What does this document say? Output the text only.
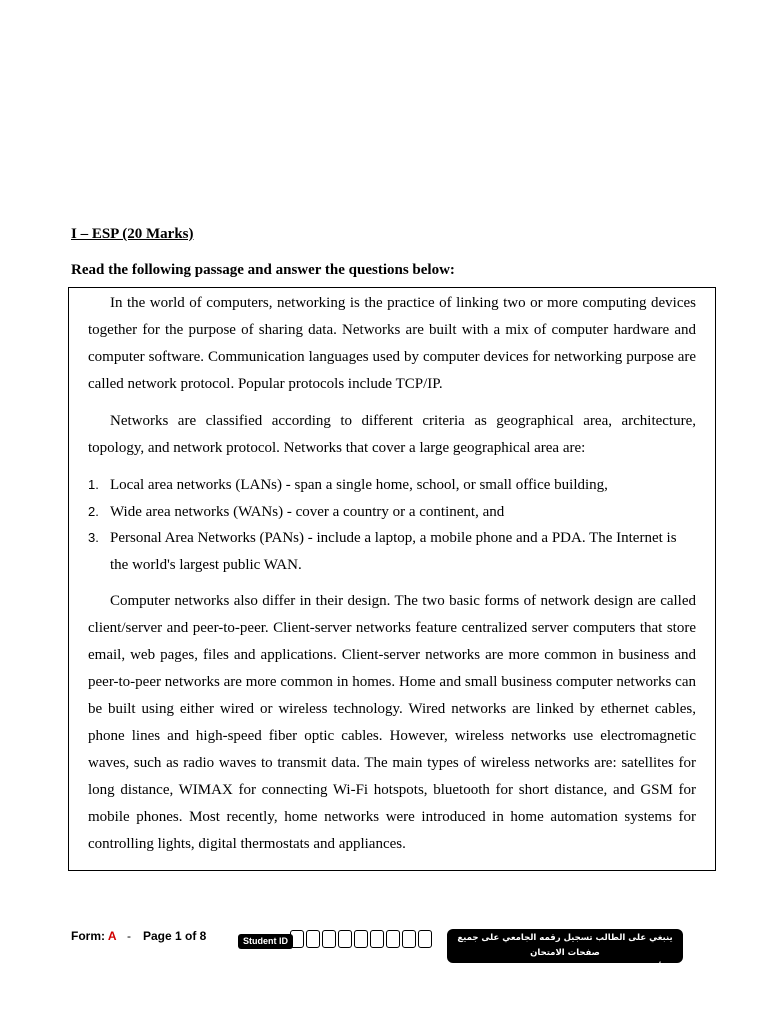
I – ESP (20 Marks)
Read the following passage and answer the questions below:

In the world of computers, networking is the practice of linking two or more computing devices together for the purpose of sharing data. Networks are built with a mix of computer hardware and computer software. Communication languages used by computer devices for networking purpose are called network protocol. Popular protocols include TCP/IP.

Networks are classified according to different criteria as geographical area, architecture, topology, and network protocol. Networks that cover a large geographical area are:

1. Local area networks (LANs) - span a single home, school, or small office building,
2. Wide area networks (WANs) - cover a country or a continent, and
3. Personal Area Networks (PANs) - include a laptop, a mobile phone and a PDA. The Internet is the world's largest public WAN.

Computer networks also differ in their design. The two basic forms of network design are called client/server and peer-to-peer. Client-server networks feature centralized server computers that store email, web pages, files and applications. Client-server networks are more common in business and peer-to-peer networks are more common in homes. Home and small business computer networks can be built using either wired or wireless technology. Wired networks are linked by ethernet cables, phone lines and high-speed fiber optic cables. However, wireless networks use electromagnetic waves, such as radio waves to transmit data. The main types of wireless networks are: satellites for long distance, WIMAX for connecting Wi-Fi hotspots, bluetooth for short distance, and GSM for mobile phones. Most recently, home networks were introduced in home automation systems for controlling lights, digital thermostats and appliances.

Form: A - Page 1 of 8	Student ID	ينبغي على الطالب تسجيل رقمه الجامعي على جميع صفحات الامتحان
والتأكد من حصوله على جميع الصفحات من خلال تفقد ترقيم الصفحات
